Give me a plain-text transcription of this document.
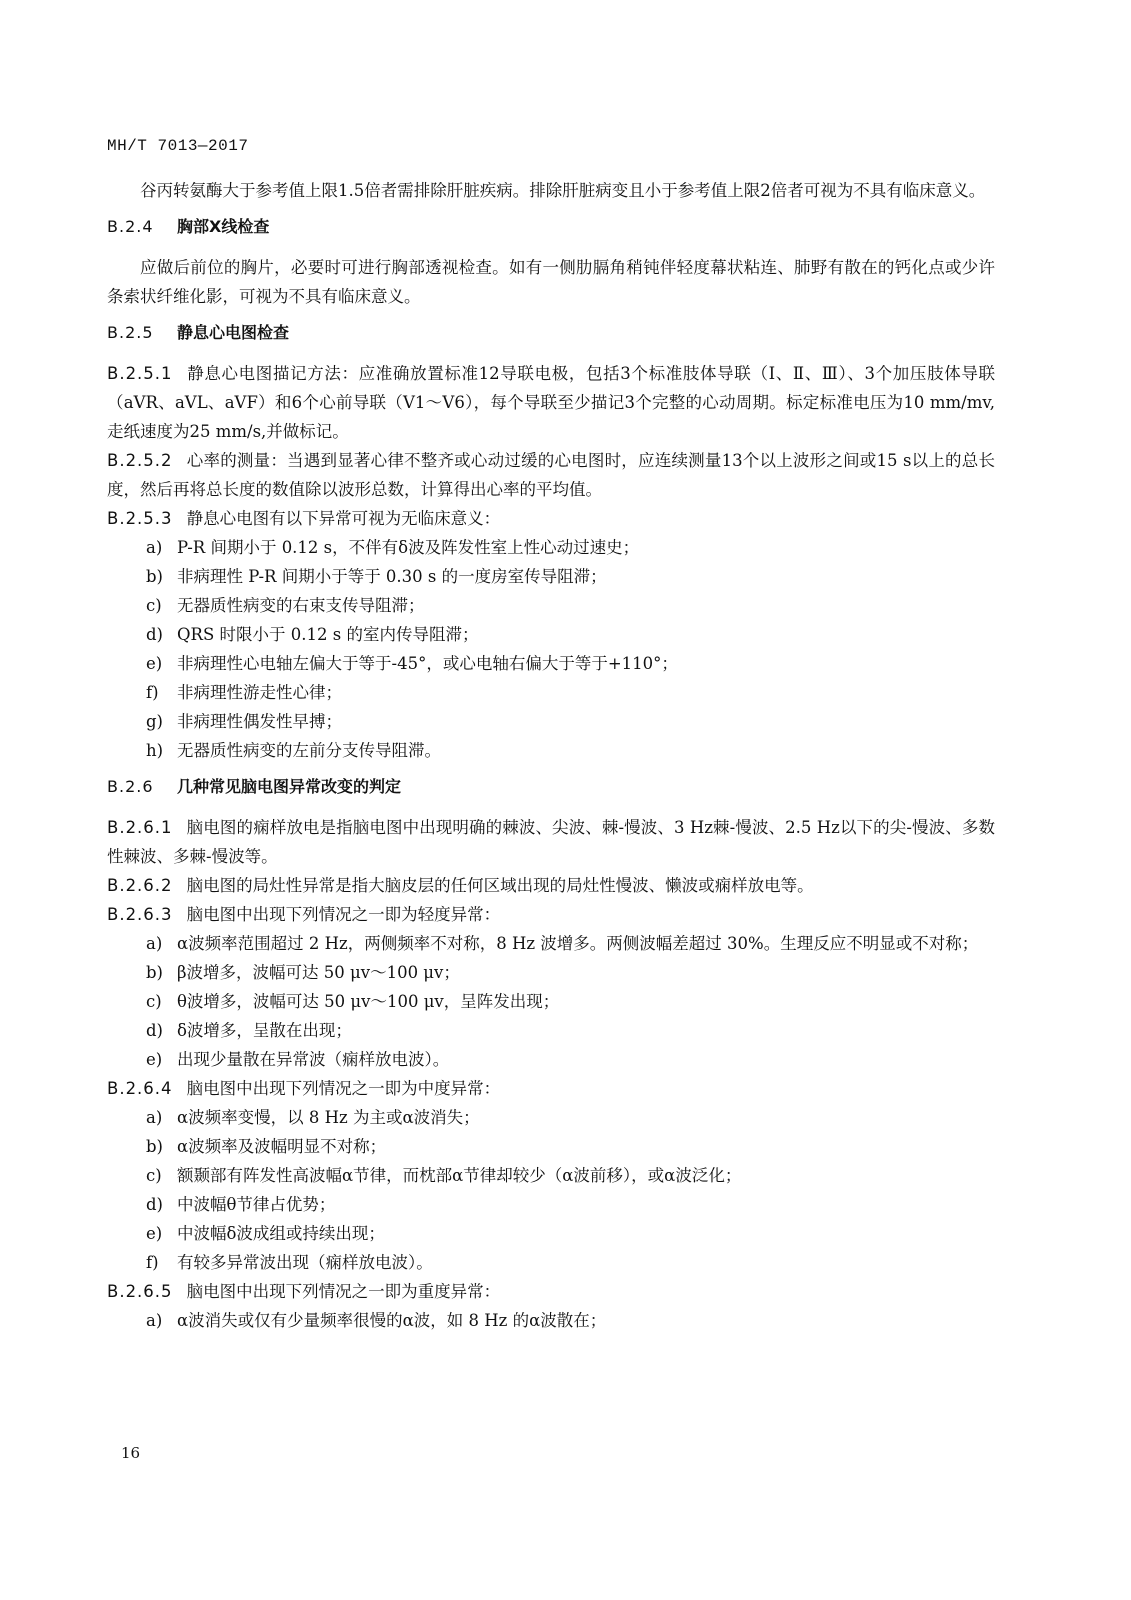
MH/T 7013—2017

谷丙转氨酶大于参考值上限1.5倍者需排除肝脏疾病。排除肝脏病变且小于参考值上限2倍者可视为不具有临床意义。

B.2.4 胸部X线检查

应做后前位的胸片，必要时可进行胸部透视检查。如有一侧肋膈角稍钝伴轻度幕状粘连、肺野有散在的钙化点或少许条索状纤维化影，可视为不具有临床意义。

B.2.5 静息心电图检查

B.2.5.1 静息心电图描记方法：应准确放置标准12导联电极，包括3个标准肢体导联（Ⅰ、Ⅱ、Ⅲ）、3个加压肢体导联（aVR、aVL、aVF）和6个心前导联（V1～V6），每个导联至少描记3个完整的心动周期。标定标准电压为10 mm/mv,走纸速度为25 mm/s,并做标记。

B.2.5.2 心率的测量：当遇到显著心律不整齐或心动过缓的心电图时，应连续测量13个以上波形之间或15 s以上的总长度，然后再将总长度的数值除以波形总数，计算得出心率的平均值。

B.2.5.3 静息心电图有以下异常可视为无临床意义：

a) P-R 间期小于 0.12 s，不伴有δ波及阵发性室上性心动过速史；

b) 非病理性 P-R 间期小于等于 0.30 s 的一度房室传导阻滞；

c) 无器质性病变的右束支传导阻滞；

d) QRS 时限小于 0.12 s 的室内传导阻滞；

e) 非病理性心电轴左偏大于等于-45°，或心电轴右偏大于等于+110°；

f) 非病理性游走性心律；

g) 非病理性偶发性早搏；

h) 无器质性病变的左前分支传导阻滞。

B.2.6 几种常见脑电图异常改变的判定

B.2.6.1 脑电图的痫样放电是指脑电图中出现明确的棘波、尖波、棘-慢波、3 Hz棘-慢波、2.5 Hz以下的尖-慢波、多数性棘波、多棘-慢波等。

B.2.6.2 脑电图的局灶性异常是指大脑皮层的任何区域出现的局灶性慢波、懒波或痫样放电等。

B.2.6.3 脑电图中出现下列情况之一即为轻度异常：

a) α波频率范围超过 2 Hz，两侧频率不对称，8 Hz 波增多。两侧波幅差超过 30%。生理反应不明显或不对称；

b) β波增多，波幅可达 50 μv～100 μv；

c) θ波增多，波幅可达 50 μv～100 μv，呈阵发出现；

d) δ波增多，呈散在出现；

e) 出现少量散在异常波（痫样放电波）。

B.2.6.4 脑电图中出现下列情况之一即为中度异常：

a) α波频率变慢，以 8 Hz 为主或α波消失；

b) α波频率及波幅明显不对称；

c) 额颞部有阵发性高波幅α节律，而枕部α节律却较少（α波前移），或α波泛化；

d) 中波幅θ节律占优势；

e) 中波幅δ波成组或持续出现；

f) 有较多异常波出现（痫样放电波）。

B.2.6.5 脑电图中出现下列情况之一即为重度异常：

a) α波消失或仅有少量频率很慢的α波，如 8 Hz 的α波散在；

16
